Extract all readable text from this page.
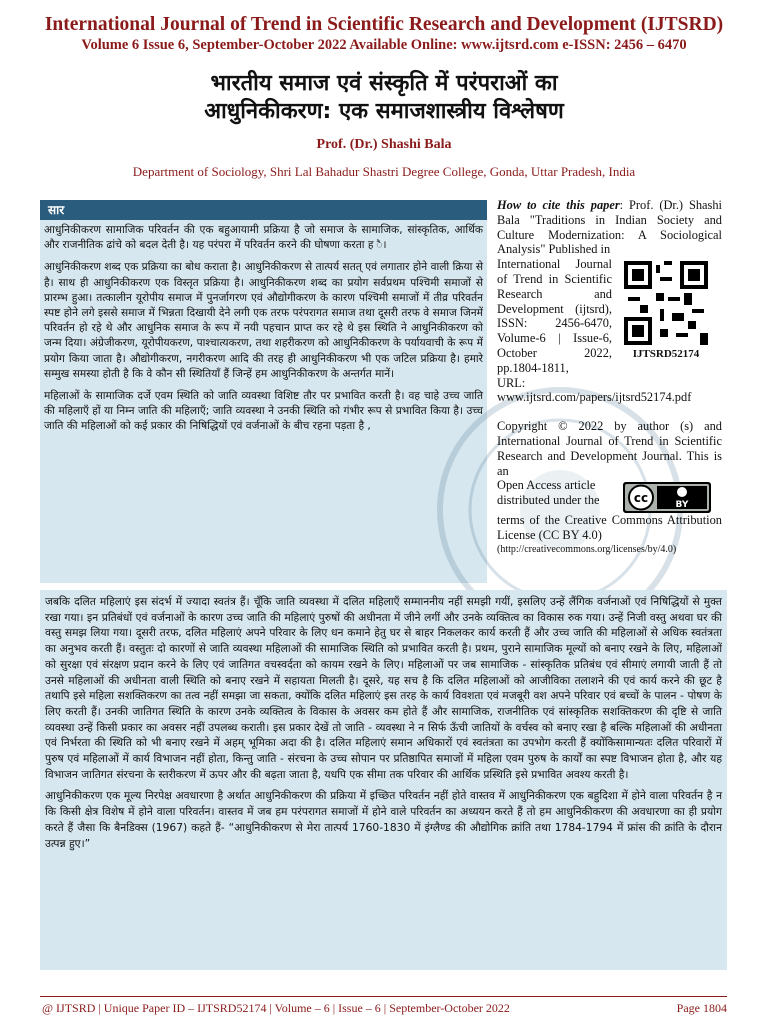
International Journal of Trend in Scientific Research and Development (IJTSRD)
Volume 6 Issue 6, September-October 2022 Available Online: www.ijtsrd.com e-ISSN: 2456 – 6470
भारतीय समाज एवं संस्कृति में परंपराओं का
आधुनिकीकरण: एक समाजशास्त्रीय विश्लेषण
Prof. (Dr.) Shashi Bala
Department of Sociology, Shri Lal Bahadur Shastri Degree College, Gonda, Uttar Pradesh, India
सार

आधुनिकीकरण सामाजिक परिवर्तन की एक बहुआयामी प्रक्रिया है जो समाज के सामाजिक, सांस्कृतिक, आर्थिक और राजनीतिक ढांचे को बदल देती है। यह परंपरा में परिवर्तन करने की घोषणा करता ह ै।

आधुनिकीकरण शब्द एक प्रक्रिया का बोध कराता है। आधुनिकीकरण से तात्पर्य सतत् एवं लगातार होने वाली क्रिया से है। साथ ही आधुनिकीकरण एक विस्तृत प्रक्रिया है। आधुनिकीकरण शब्द का प्रयोग सर्वप्रथम पश्चिमी समाजों से प्रारम्भ हुआ। तत्कालीन यूरोपीय समाज में पुनर्जागरण एवं औद्योगीकरण के कारण पश्चिमी समाजों में तीव्र परिवर्तन स्पष्ट होने लगे इससे समाज में भिन्नता दिखायी देने लगी एक तरफ परंपरागत समाज तथा दूसरी तरफ वे समाज जिनमें परिवर्तन हो रहे थे और आधुनिक समाज के रूप में नयी पहचान प्राप्त कर रहे थे इस स्थिति ने आधुनिकीकरण को जन्म दिया। अंग्रेजीकरण, यूरोपीयकरण, पाश्चात्यकरण, तथा शहरीकरण को आधुनिकीकरण के पर्यायवाची के रूप में प्रयोग किया जाता है। औद्योगीकरण, नगरीकरण आदि की तरह ही आधुनिकीकरण भी एक जटिल प्रक्रिया है। हमारे सम्मुख समस्या होती है कि वे कौन सी स्थितियाँ हैं जिन्हें हम आधुनिकीकरण के अन्तर्गत मानें।

महिलाओं के सामाजिक दर्जे एवम स्थिति को जाति व्यवस्था विशिष्ट तौर पर प्रभावित करती है। वह चाहे उच्च जाति की महिलाएँ हों या निम्न जाति की महिलाएँ; जाति व्यवस्था ने उनकी स्थिति को गंभीर रूप से प्रभावित किया है। उच्च जाति की महिलाओं को कई प्रकार की निषिद्धियों एवं वर्जनाओं के बीच रहना पड़ता है ,

How to cite this paper: Prof. (Dr.) Shashi Bala "Traditions in Indian Society and Culture Modernization: A Sociological Analysis" Published in
International Journal of Trend in Scientific Research and Development (ijtsrd), ISSN: 2456-6470, Volume-6 | Issue-6, October 2022, pp.1804-1811,
IJTSRD52174
URL: www.ijtsrd.com/papers/ijtsrd52174.pdf
Copyright © 2022 by author (s) and International Journal of Trend in Scientific Research and Development Journal. This is an
Open Access article distributed under the	cc	BY
terms of the Creative Commons Attribution License (CC BY 4.0)
(http://creativecommons.org/licenses/by/4.0)

जबकि दलित महिलाएं इस संदर्भ में ज्यादा स्वतंत्र हैं। चूँकि जाति व्यवस्था में दलित महिलाएँ सम्माननीय नहीं समझी गयीं, इसलिए उन्हें लैंगिक वर्जनाओं एवं निषिद्धियों से मुक्त रखा गया। इन प्रतिबंधों एवं वर्जनाओं के कारण उच्च जाति की महिलाएं पुरुषों की अधीनता में जीने लगीं और उनके व्यक्तित्व का विकास रुक गया। उन्हें निजी वस्तु अथवा घर की वस्तु समझ लिया गया। दूसरी तरफ, दलित महिलाएं अपने परिवार के लिए धन कमाने हेतु घर से बाहर निकलकर कार्य करती हैं और उच्च जाति की महिलाओं से अधिक स्वतंत्रता का अनुभव करती हैं। वस्तुतः दो कारणों से जाति व्यवस्था महिलाओं की सामाजिक स्थिति को प्रभावित करती है। प्रथम, पुराने सामाजिक मूल्यों को बनाए रखने के लिए, महिलाओं को सुरक्षा एवं संरक्षण प्रदान करने के लिए एवं जातिगत वचस्वर्दता को कायम रखने के लिए। महिलाओं पर जब सामाजिक - सांस्कृतिक प्रतिबंध एवं सीमाएं लगायी जाती हैं तो उनसे महिलाओं की अधीनता वाली स्थिति को बनाए रखने में सहायता मिलती है। दूसरे, यह सच है कि दलित महिलाओं को आजीविका तलाशने की एवं कार्य करने की छूट है तथापि इसे महिला सशक्तिकरण का तत्व नहीं समझा जा सकता, क्योंकि दलित महिलाएं इस तरह के कार्य विवशता एवं मजबूरी वश अपने परिवार एवं बच्चों के पालन - पोषण के लिए करती हैं। उनकी जातिगत स्थिति के कारण उनके व्यक्तित्व के विकास के अवसर कम होते हैं और सामाजिक, राजनीतिक एवं सांस्कृतिक सशक्तिकरण की दृष्टि से जाति व्यवस्था उन्हें किसी प्रकार का अवसर नहीं उपलब्ध कराती। इस प्रकार देखें तो जाति - व्यवस्था ने न सिर्फ ऊँची जातियों के वर्चस्व को बनाए रखा है बल्कि महिलाओं की अधीनता एवं निर्भरता की स्थिति को भी बनाए रखने में अहम् भूमिका अदा की है। दलित महिलाएं समान अधिकारों एवं स्वतंत्रता का उपभोग करती हैं क्योंकिसामान्यतः दलित परिवारों में पुरुष एवं महिलाओं में कार्य विभाजन नहीं होता, किन्तु जाति - संरचना के उच्च सोपान पर प्रतिष्ठापित समाजों में महिला एवम पुरुष के कार्यों का स्पष्ट विभाजन होता है, और यह विभाजन जातिगत संरचना के स्तरीकरण में ऊपर और की बढ़ता जाता है, यधपि एक सीमा तक परिवार की आर्थिक प्रस्थिति इसे प्रभावित अवश्य करती है।

आधुनिकीकरण एक मूल्य निरपेक्ष अवधारणा है अर्थात आधुनिकीकरण की प्रक्रिया में इच्छित परिवर्तन नहीं होते वास्तव में आधुनिकीकरण एक बहुदिशा में होने वाला परिवर्तन है न कि किसी क्षेत्र विशेष में होने वाला परिवर्तन। वास्तव में जब हम परंपरागत समाजों में होने वाले परिवर्तन का अध्ययन करते हैं तो हम आधुनिकीकरण की अवधारणा का ही प्रयोग करते हैं जैसा कि बैनडिक्स (1967) कहते हैं- “आधुनिकीकरण से मेरा तात्पर्य 1760-1830 में इंग्लैण्ड की औद्योगिक क्रांति तथा 1784-1794 में फ्रांस की क्रांति के दौरान उत्पन्न हुए।”

@ IJTSRD | Unique Paper ID – IJTSRD52174 | Volume – 6 | Issue – 6 | September-October 2022	Page 1804
